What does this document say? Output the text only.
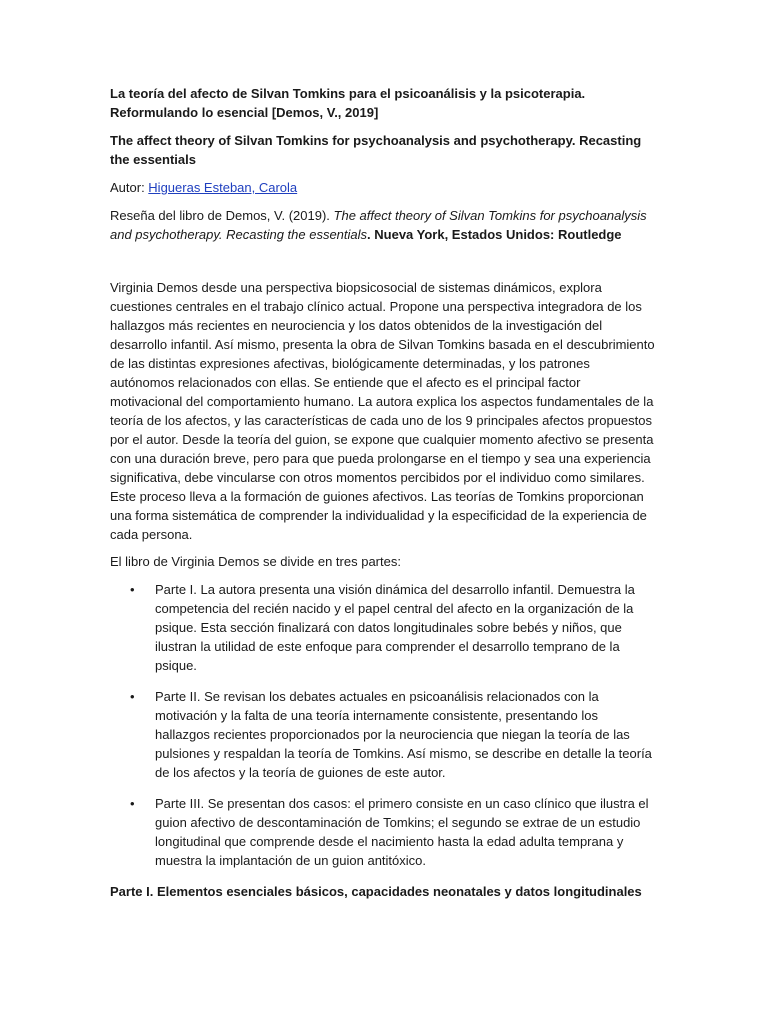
La teoría del afecto de Silvan Tomkins para el psicoanálisis y la psicoterapia. Reformulando lo esencial [Demos, V., 2019]

The affect theory of Silvan Tomkins for psychoanalysis and psychotherapy. Recasting the essentials

Autor: Higueras Esteban, Carola

Reseña del libro de Demos, V. (2019). The affect theory of Silvan Tomkins for psychoanalysis and psychotherapy. Recasting the essentials. Nueva York, Estados Unidos: Routledge

Virginia Demos desde una perspectiva biopsicosocial de sistemas dinámicos, explora cuestiones centrales en el trabajo clínico actual. Propone una perspectiva integradora de los hallazgos más recientes en neurociencia y los datos obtenidos de la investigación del desarrollo infantil. Así mismo, presenta la obra de Silvan Tomkins basada en el descubrimiento de las distintas expresiones afectivas, biológicamente determinadas, y los patrones autónomos relacionados con ellas. Se entiende que el afecto es el principal factor motivacional del comportamiento humano. La autora explica los aspectos fundamentales de la teoría de los afectos, y las características de cada uno de los 9 principales afectos propuestos por el autor. Desde la teoría del guion, se expone que cualquier momento afectivo se presenta con una duración breve, pero para que pueda prolongarse en el tiempo y sea una experiencia significativa, debe vincularse con otros momentos percibidos por el individuo como similares. Este proceso lleva a la formación de guiones afectivos. Las teorías de Tomkins proporcionan una forma sistemática de comprender la individualidad y la especificidad de la experiencia de cada persona.

El libro de Virginia Demos se divide en tres partes:

• Parte I. La autora presenta una visión dinámica del desarrollo infantil. Demuestra la competencia del recién nacido y el papel central del afecto en la organización de la psique. Esta sección finalizará con datos longitudinales sobre bebés y niños, que ilustran la utilidad de este enfoque para comprender el desarrollo temprano de la psique.
• Parte II. Se revisan los debates actuales en psicoanálisis relacionados con la motivación y la falta de una teoría internamente consistente, presentando los hallazgos recientes proporcionados por la neurociencia que niegan la teoría de las pulsiones y respaldan la teoría de Tomkins. Así mismo, se describe en detalle la teoría de los afectos y la teoría de guiones de este autor.
• Parte III. Se presentan dos casos: el primero consiste en un caso clínico que ilustra el guion afectivo de descontaminación de Tomkins; el segundo se extrae de un estudio longitudinal que comprende desde el nacimiento hasta la edad adulta temprana y muestra la implantación de un guion antitóxico.

Parte I. Elementos esenciales básicos, capacidades neonatales y datos longitudinales
